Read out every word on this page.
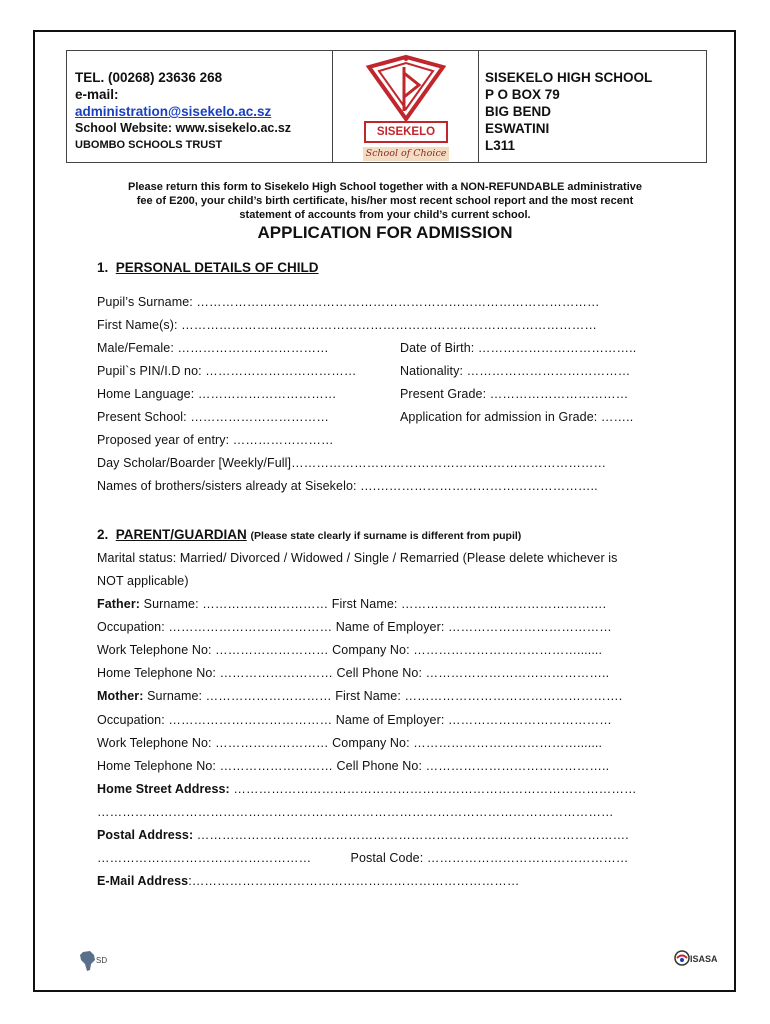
TEL. (00268) 23636 268
e-mail:
administration@sisekelo.ac.sz
School Website: www.sisekelo.ac.sz
UBOMBO SCHOOLS TRUST
SISEKELO
School of Choice
SISEKELO HIGH SCHOOL
P O BOX 79
BIG BEND
ESWATINI
L311
Please return this form to Sisekelo High School together with a NON-REFUNDABLE administrative
fee of E200, your child’s birth certificate, his/her most recent school report and the most recent
statement of accounts from your child’s current school.
APPLICATION FOR ADMISSION
1. PERSONAL DETAILS OF CHILD
Pupil’s Surname: ……………………………………………………………………………………
First Name(s): ………………………………………………………………………………………
Male/Female: ………………………………	Date of Birth: ………………………………..
Pupil`s PIN/I.D no: ………………………………	Nationality: …………………………………
Home Language: ……………………………	Present Grade: ……………………………
Present School: ……………………………	Application for admission in Grade: ……..
Proposed year of entry: ……………………
Day Scholar/Boarder [Weekly/Full]…………………………………………………………………
Names of brothers/sisters already at Sisekelo: ….……………………………………………..
2. PARENT/GUARDIAN (Please state clearly if surname is different from pupil)
Marital status: Married/ Divorced / Widowed / Single / Remarried (Please delete whichever is
NOT applicable)
Father: Surname: ………………………… First Name: ………………………………………….
Occupation: ………………………………… Name of Employer: …………………………………
Work Telephone No: ……………………… Company No: ………………………………….......
Home Telephone No: ……………………… Cell Phone No: ……………………………………..
Mother: Surname: ………………………… First Name: …………………………………………….
Occupation: ………………………………… Name of Employer: …………………………………
Work Telephone No: ……………………… Company No: ………………………………….......
Home Telephone No: ……………………… Cell Phone No: ……………………………………..
Home Street Address: ……………………………………………………………………………………
……………………………………………………………………………………………………………
Postal Address: ………………………………………………………………………………………….
……………………………………………           Postal Code: …………………………………………
E-Mail Address:……………………………………………………………………
SD	ISASA
